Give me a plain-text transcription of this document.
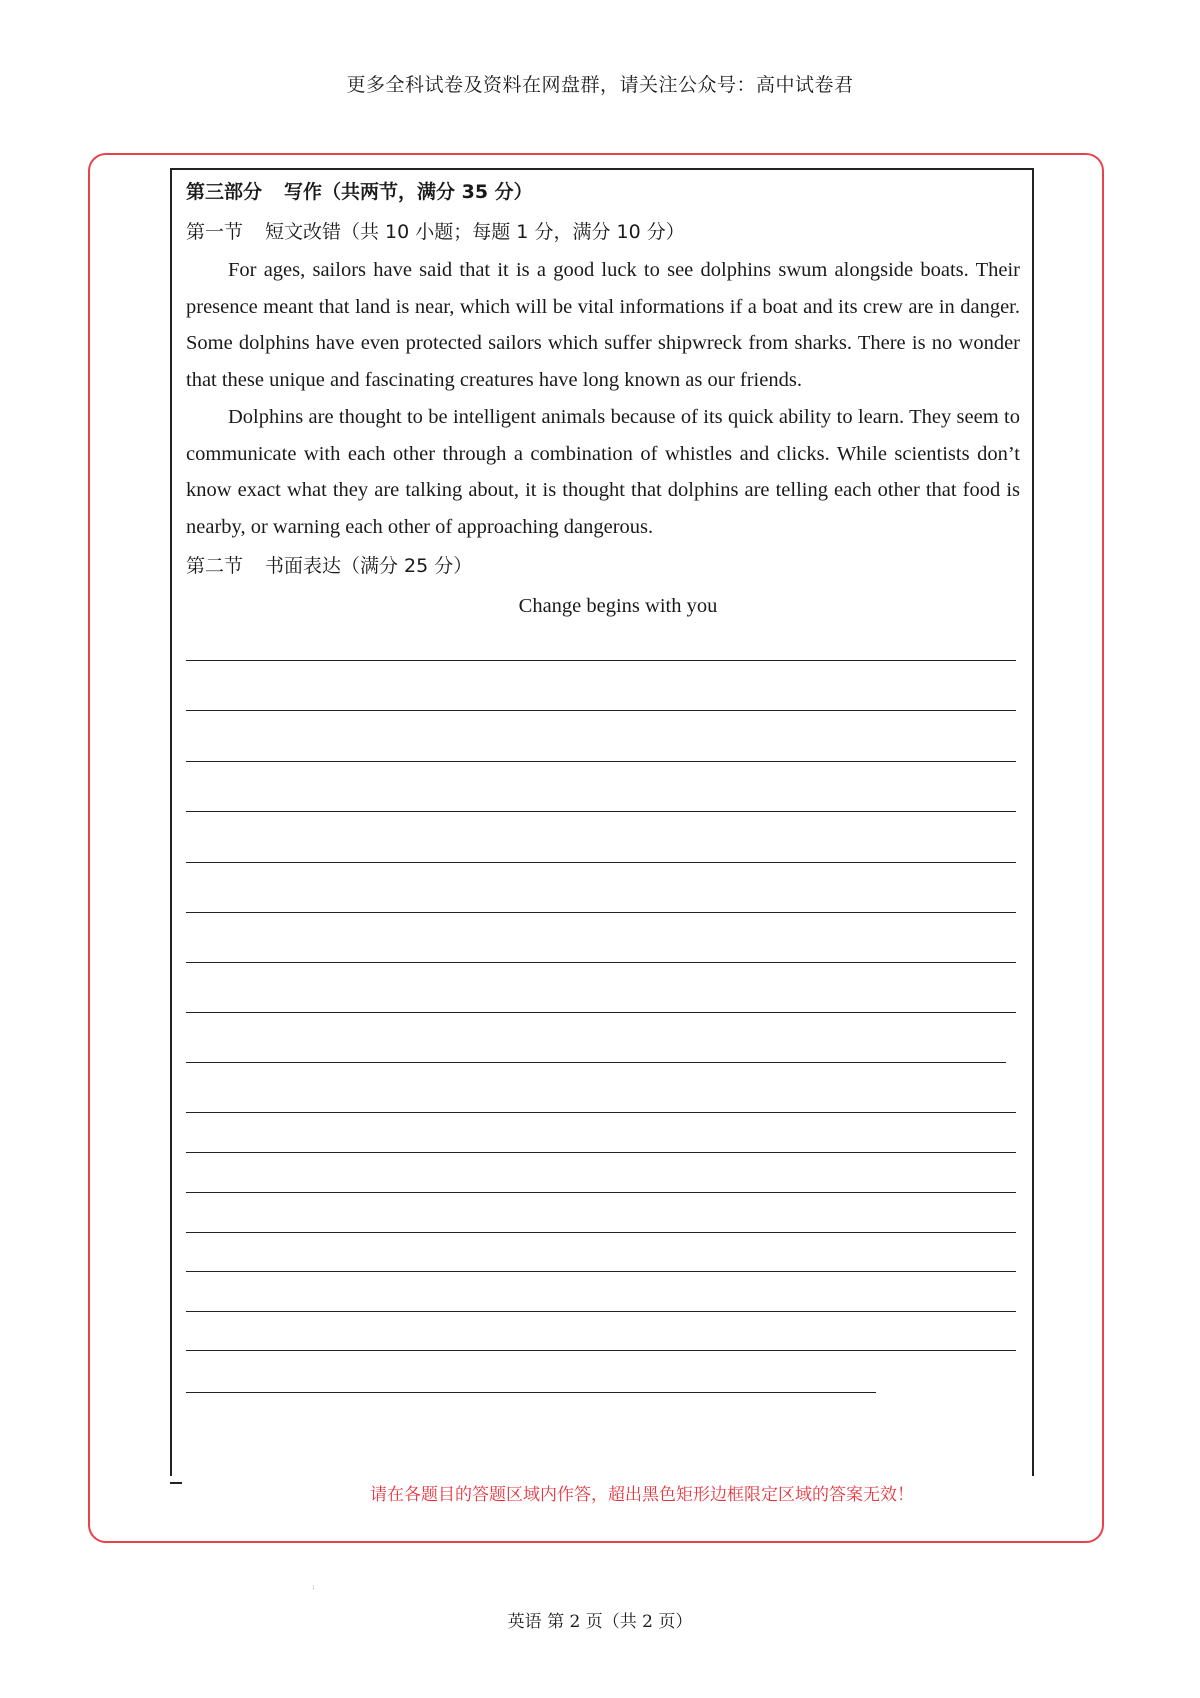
更多全科试卷及资料在网盘群，请关注公众号：高中试卷君

第三部分 写作（共两节，满分 35 分）

第一节 短文改错（共 10 小题；每题 1 分，满分 10 分）

For ages, sailors have said that it is a good luck to see dolphins swum alongside boats. Their presence meant that land is near, which will be vital informations if a boat and its crew are in danger. Some dolphins have even protected sailors which suffer shipwreck from sharks. There is no wonder that these unique and fascinating creatures have long known as our friends.

Dolphins are thought to be intelligent animals because of its quick ability to learn. They seem to communicate with each other through a combination of whistles and clicks. While scientists don’t know exact what they are talking about, it is thought that dolphins are telling each other that food is nearby, or warning each other of approaching dangerous.

第二节 书面表达（满分 25 分）

Change begins with you

请在各题目的答题区域内作答，超出黑色矩形边框限定区域的答案无效！
:
英语 第 2 页（共 2 页）
